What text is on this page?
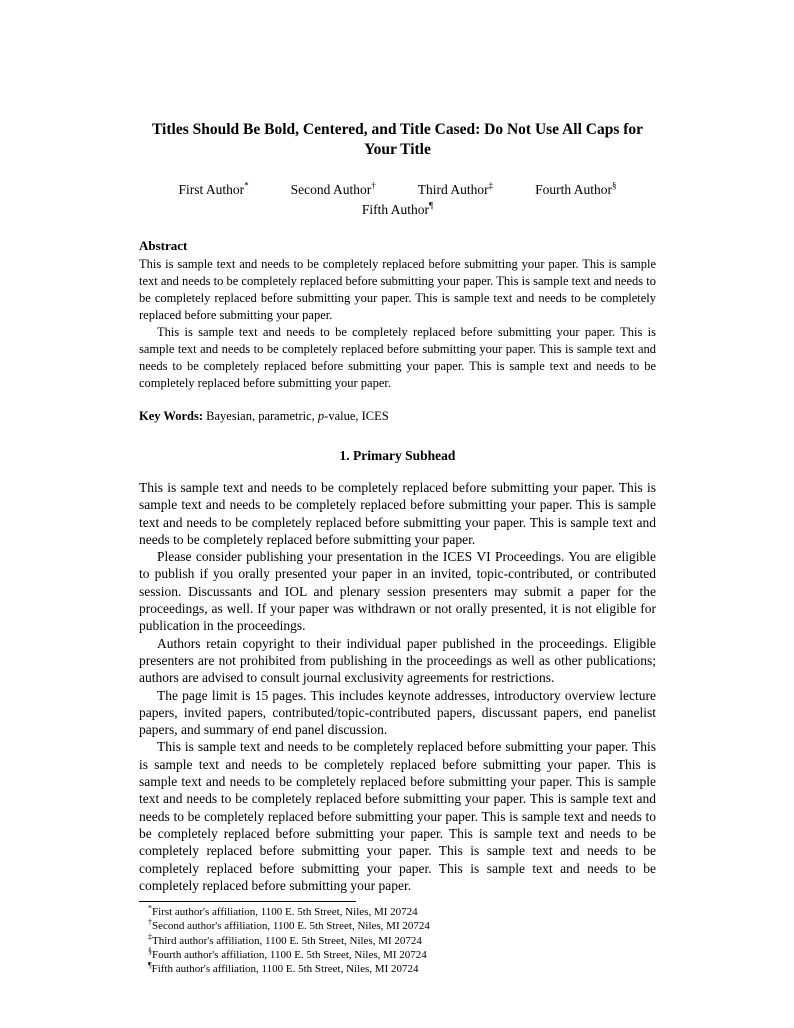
Titles Should Be Bold, Centered, and Title Cased: Do Not Use All Caps for Your Title
First Author*	Second Author†	Third Author‡	Fourth Author§
Fifth Author¶
Abstract

This is sample text and needs to be completely replaced before submitting your paper. This is sample text and needs to be completely replaced before submitting your paper. This is sample text and needs to be completely replaced before submitting your paper. This is sample text and needs to be completely replaced before submitting your paper.

This is sample text and needs to be completely replaced before submitting your paper. This is sample text and needs to be completely replaced before submitting your paper. This is sample text and needs to be completely replaced before submitting your paper. This is sample text and needs to be completely replaced before submitting your paper.

Key Words: Bayesian, parametric, p-value, ICES

1. Primary Subhead

This is sample text and needs to be completely replaced before submitting your paper. This is sample text and needs to be completely replaced before submitting your paper. This is sample text and needs to be completely replaced before submitting your paper. This is sample text and needs to be completely replaced before submitting your paper.

Please consider publishing your presentation in the ICES VI Proceedings. You are eligible to publish if you orally presented your paper in an invited, topic-contributed, or contributed session. Discussants and IOL and plenary session presenters may submit a paper for the proceedings, as well. If your paper was withdrawn or not orally presented, it is not eligible for publication in the proceedings.

Authors retain copyright to their individual paper published in the proceedings. Eligible presenters are not prohibited from publishing in the proceedings as well as other publications; authors are advised to consult journal exclusivity agreements for restrictions.

The page limit is 15 pages. This includes keynote addresses, introductory overview lecture papers, invited papers, contributed/topic-contributed papers, discussant papers, end panelist papers, and summary of end panel discussion.

This is sample text and needs to be completely replaced before submitting your paper. This is sample text and needs to be completely replaced before submitting your paper. This is sample text and needs to be completely replaced before submitting your paper. This is sample text and needs to be completely replaced before submitting your paper. This is sample text and needs to be completely replaced before submitting your paper. This is sample text and needs to be completely replaced before submitting your paper. This is sample text and needs to be completely replaced before submitting your paper. This is sample text and needs to be completely replaced before submitting your paper. This is sample text and needs to be completely replaced before submitting your paper.

*First author's affiliation, 1100 E. 5th Street, Niles, MI 20724
†Second author's affiliation, 1100 E. 5th Street, Niles, MI 20724
‡Third author's affiliation, 1100 E. 5th Street, Niles, MI 20724
§Fourth author's affiliation, 1100 E. 5th Street, Niles, MI 20724
¶Fifth author's affiliation, 1100 E. 5th Street, Niles, MI 20724
